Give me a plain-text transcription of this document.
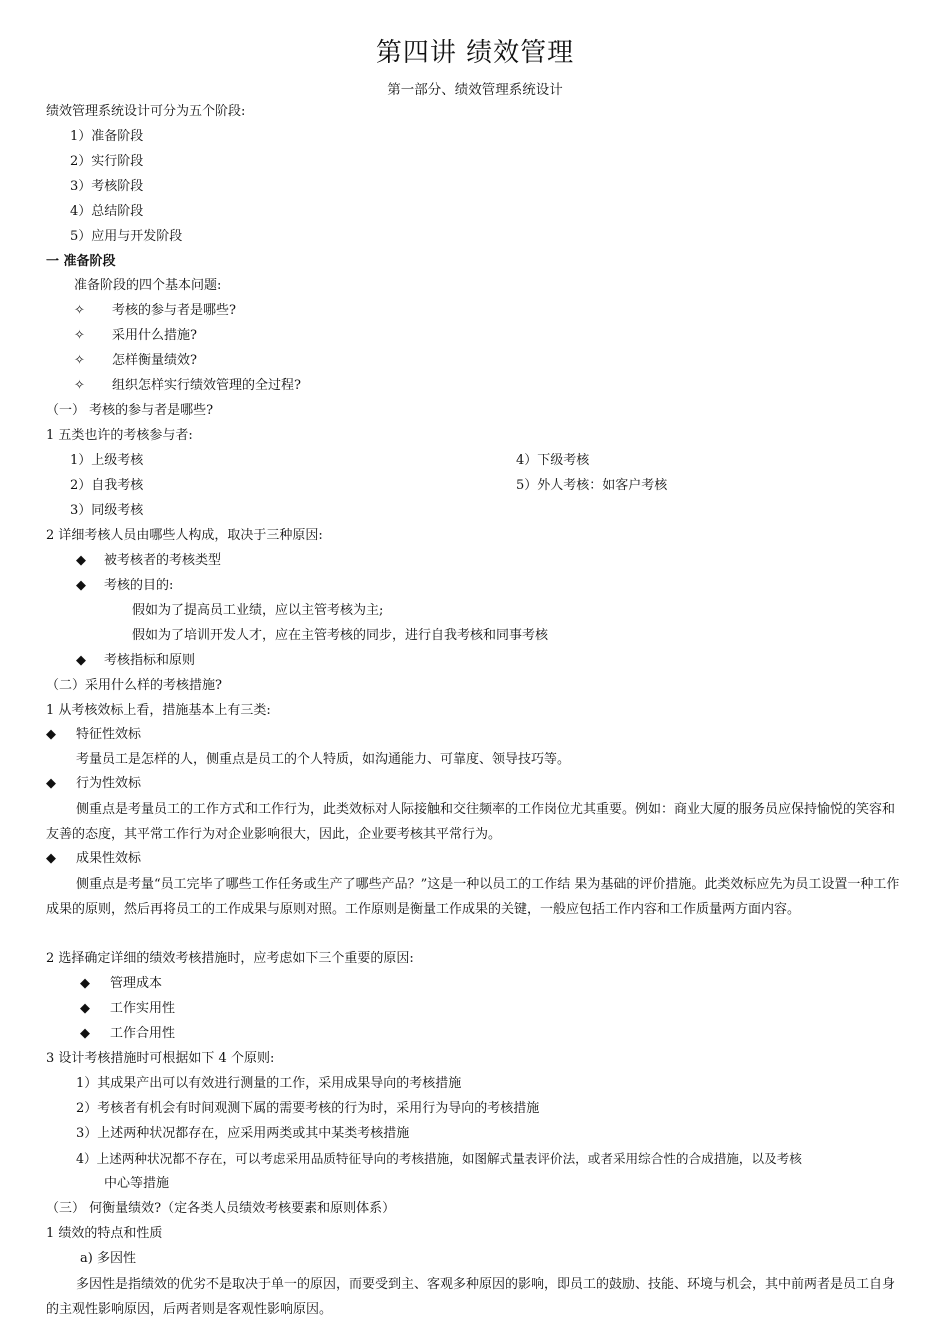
第四讲 绩效管理
第一部分、绩效管理系统设计
绩效管理系统设计可分为五个阶段:
1）准备阶段
2）实行阶段
3）考核阶段
4）总结阶段
5）应用与开发阶段
一 准备阶段
准备阶段的四个基本问题:
✧ 考核的参与者是哪些?
✧ 采用什么措施?
✧ 怎样衡量绩效?
✧ 组织怎样实行绩效管理的全过程?
（一） 考核的参与者是哪些?
1 五类也许的考核参与者:
1）上级考核
2）自我考核
3）同级考核
4）下级考核
5）外人考核：如客户考核
2 详细考核人员由哪些人构成，取决于三种原因:
◆ 被考核者的考核类型
◆ 考核的目的:
假如为了提高员工业绩，应以主管考核为主;
假如为了培训开发人才，应在主管考核的同步，进行自我考核和同事考核
◆ 考核指标和原则
（二）采用什么样的考核措施?
1 从考核效标上看，措施基本上有三类:
◆ 特征性效标
考量员工是怎样的人，侧重点是员工的个人特质，如沟通能力、可靠度、领导技巧等。
◆ 行为性效标
侧重点是考量员工的工作方式和工作行为，此类效标对人际接触和交往频率的工作岗位尤其重要。例如：商业大厦的服务员应保持愉悦的笑容和友善的态度，其平常工作行为对企业影响很大，因此，企业要考核其平常行为。
◆ 成果性效标
侧重点是考量“员工完毕了哪些工作任务或生产了哪些产品？”这是一种以员工的工作结 果为基础的评价措施。此类效标应先为员工设置一种工作成果的原则，然后再将员工的工作成果与原则对照。工作原则是衡量工作成果的关键，一般应包括工作内容和工作质量两方面内容。
2 选择确定详细的绩效考核措施时，应考虑如下三个重要的原因:
◆ 管理成本
◆ 工作实用性
◆ 工作合用性
3 设计考核措施时可根据如下 4 个原则:
1）其成果产出可以有效进行测量的工作，采用成果导向的考核措施
2）考核者有机会有时间观测下属的需要考核的行为时，采用行为导向的考核措施
3）上述两种状况都存在，应采用两类或其中某类考核措施
4）上述两种状况都不存在，可以考虑采用品质特征导向的考核措施，如图解式量表评价法，或者采用综合性的合成措施，以及考核
中心等措施
（三） 何衡量绩效?（定各类人员绩效考核要素和原则体系）
1 绩效的特点和性质
a) 多因性
多因性是指绩效的优劣不是取决于单一的原因，而要受到主、客观多种原因的影响，即员工的鼓励、技能、环境与机会，其中前两者是员工自身的主观性影响原因，后两者则是客观性影响原因。
